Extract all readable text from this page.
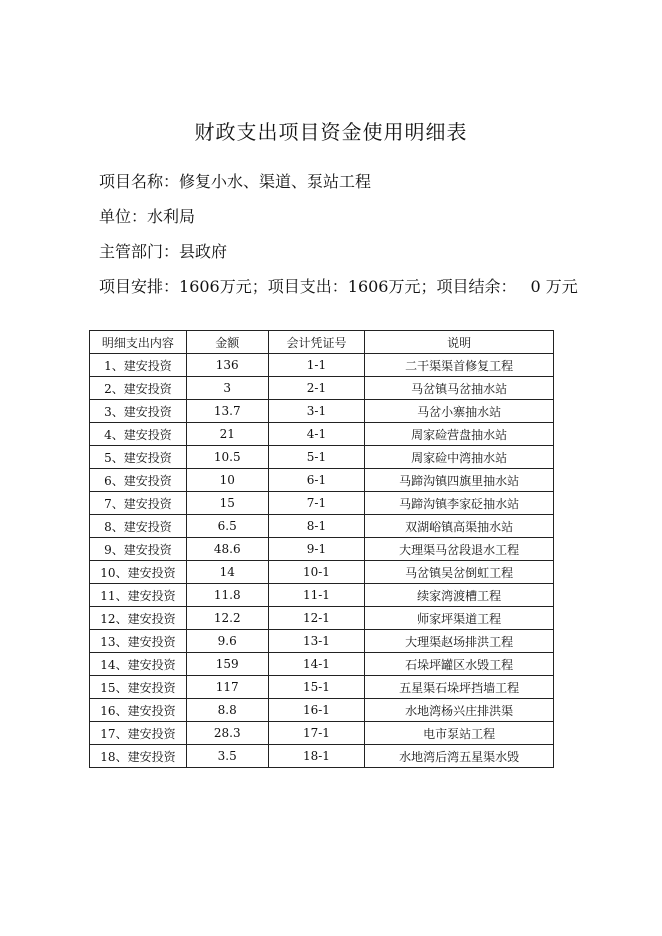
财政支出项目资金使用明细表
项目名称：修复小水、渠道、泵站工程
单位：水利局
主管部门：县政府
项目安排：1606万元；项目支出：1606万元；项目结余： 0 万元
明细支出内容	金额	会计凭证号	说明
1、建安投资	136	1-1	二干渠渠首修复工程
2、建安投资	3	2-1	马岔镇马岔抽水站
3、建安投资	13.7	3-1	马岔小寨抽水站
4、建安投资	21	4-1	周家硷营盘抽水站
5、建安投资	10.5	5-1	周家硷中湾抽水站
6、建安投资	10	6-1	马蹄沟镇四旗里抽水站
7、建安投资	15	7-1	马蹄沟镇李家砭抽水站
8、建安投资	6.5	8-1	双湖峪镇高渠抽水站
9、建安投资	48.6	9-1	大理渠马岔段退水工程
10、建安投资	14	10-1	马岔镇吴岔倒虹工程
11、建安投资	11.8	11-1	续家湾渡槽工程
12、建安投资	12.2	12-1	师家坪渠道工程
13、建安投资	9.6	13-1	大理渠赵场排洪工程
14、建安投资	159	14-1	石垛坪罐区水毁工程
15、建安投资	117	15-1	五星渠石垛坪挡墙工程
16、建安投资	8.8	16-1	水地湾杨兴庄排洪渠
17、建安投资	28.3	17-1	电市泵站工程
18、建安投资	3.5	18-1	水地湾后湾五星渠水毁
